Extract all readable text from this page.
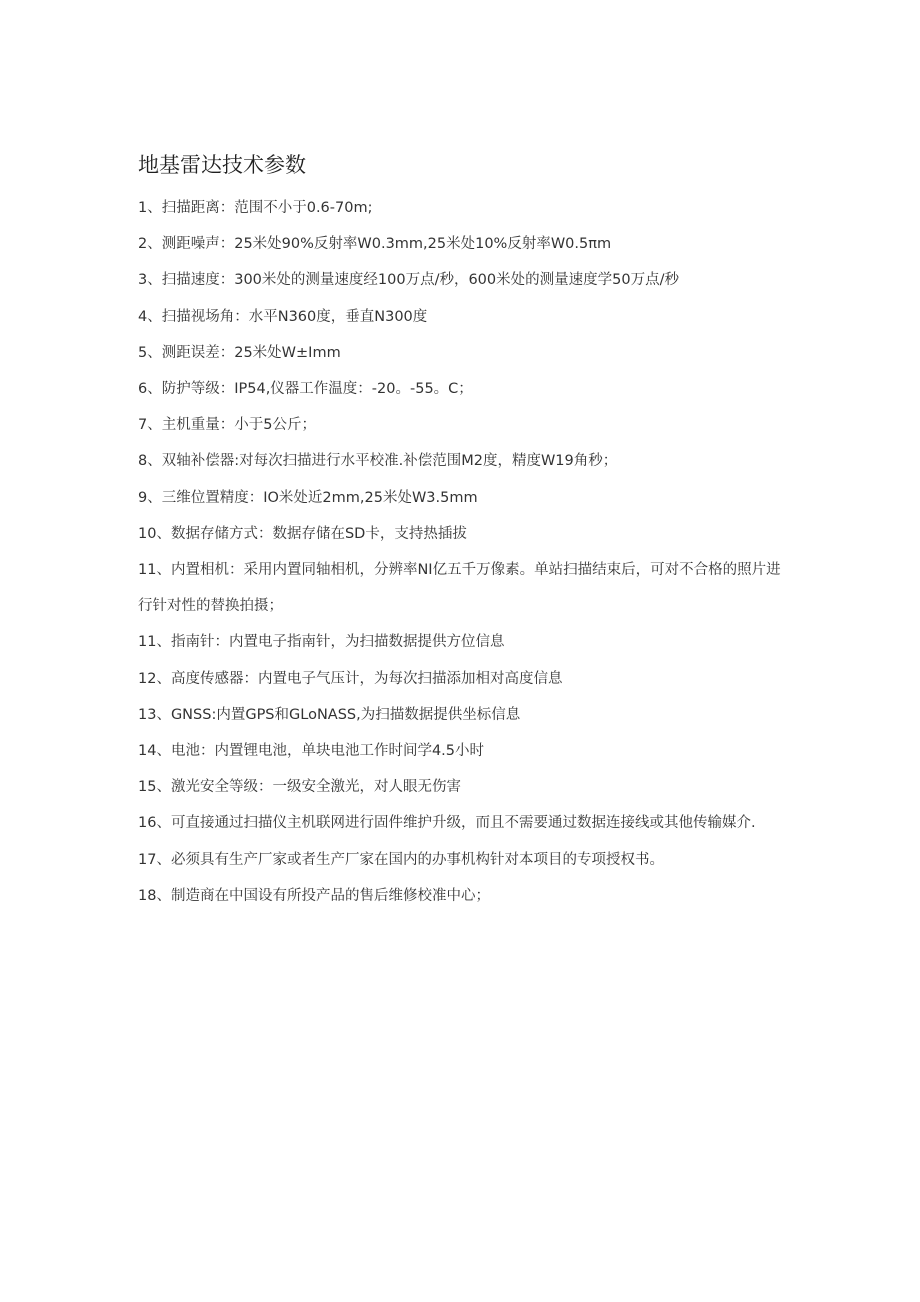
地基雷达技术参数
1、扫描距离：范围不小于0.6-70m;
2、测距噪声：25米处90%反射率W0.3mm,25米处10%反射率W0.5πm
3、扫描速度：300米处的测量速度经100万点/秒，600米处的测量速度学50万点/秒
4、扫描视场角：水平N360度，垂直N300度
5、测距误差：25米处W±Imm
6、防护等级：IP54,仪器工作温度：-20。-55。C；
7、主机重量：小于5公斤；
8、双轴补偿器:对每次扫描进行水平校准.补偿范围M2度，精度W19角秒；
9、三维位置精度：IO米处近2mm,25米处W3.5mm
10、数据存储方式：数据存储在SD卡，支持热插拔
11、内置相机：采用内置同轴相机，分辨率NI亿五千万像素。单站扫描结束后，可对不合格的照片进行针对性的替换拍摄；
11、指南针：内置电子指南针，为扫描数据提供方位信息
12、高度传感器：内置电子气压计，为每次扫描添加相对高度信息
13、GNSS:内置GPS和GLoNASS,为扫描数据提供坐标信息
14、电池：内置锂电池，单块电池工作时间学4.5小时
15、激光安全等级：一级安全激光，对人眼无伤害
16、可直接通过扫描仪主机联网进行固件维护升级，而且不需要通过数据连接线或其他传输媒介.
17、必须具有生产厂家或者生产厂家在国内的办事机构针对本项目的专项授权书。
18、制造商在中国设有所投产品的售后维修校准中心；
